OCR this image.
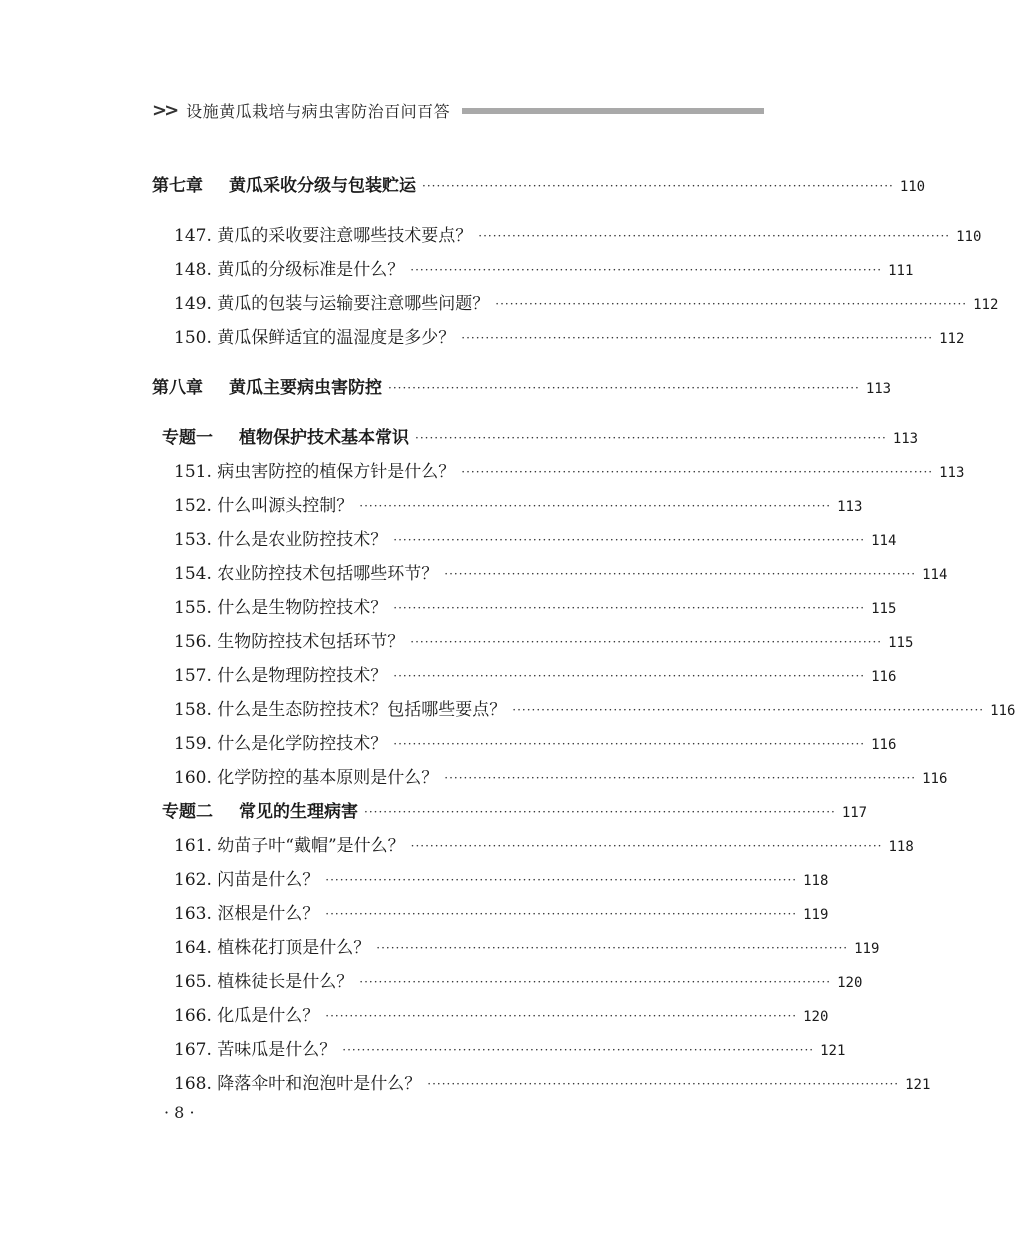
>> 设施黄瓜栽培与病虫害防治百问百答
第七章 黄瓜采收分级与包装贮运 ·································································································· 110
147. 黄瓜的采收要注意哪些技术要点？ ·································································································· 110
148. 黄瓜的分级标准是什么？ ·································································································· 111
149. 黄瓜的包装与运输要注意哪些问题？ ·································································································· 112
150. 黄瓜保鲜适宜的温湿度是多少？ ·································································································· 112
第八章 黄瓜主要病虫害防控 ·································································································· 113
专题一 植物保护技术基本常识 ·································································································· 113
151. 病虫害防控的植保方针是什么？ ·································································································· 113
152. 什么叫源头控制？ ·································································································· 113
153. 什么是农业防控技术？ ·································································································· 114
154. 农业防控技术包括哪些环节？ ·································································································· 114
155. 什么是生物防控技术？ ·································································································· 115
156. 生物防控技术包括环节？ ·································································································· 115
157. 什么是物理防控技术？ ·································································································· 116
158. 什么是生态防控技术？包括哪些要点？ ·································································································· 116
159. 什么是化学防控技术？ ·································································································· 116
160. 化学防控的基本原则是什么？ ·································································································· 116
专题二 常见的生理病害 ·································································································· 117
161. 幼苗子叶“戴帽”是什么？ ·································································································· 118
162. 闪苗是什么？ ·································································································· 118
163. 沤根是什么？ ·································································································· 119
164. 植株花打顶是什么？ ·································································································· 119
165. 植株徒长是什么？ ·································································································· 120
166. 化瓜是什么？ ·································································································· 120
167. 苦味瓜是什么？ ·································································································· 121
168. 降落伞叶和泡泡叶是什么？ ·································································································· 121
· 8 ·
